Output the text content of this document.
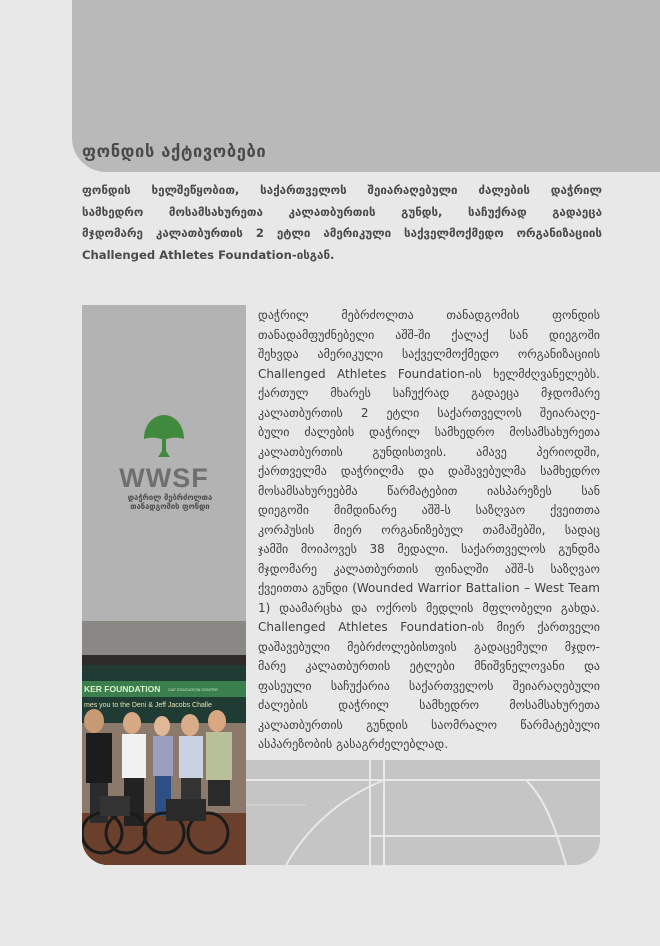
ფონდის აქტივობები

ფონდის ხელშეწყობით, საქართველოს შეიარაღებული ძალების დაჭრილ
სამხედრო მოსამსახურეთა კალათბურთის გუნდს, საჩუქრად გადაეცა
მჯდომარე კალათბურთის 2 ეტლი ამერიკული საქველმოქმედო ორგანიზაციის
Challenged Athletes Foundation-ისგან.

WWSF
დაჭრილ მებრძოლთა
თანადგომის ფონდი
KER FOUNDATION CAF EDUCATION CENTER
mes you to the Deni & Jeff Jacobs Challe
დაჭრილ მებრძოლთა თანადგომის ფონდის
თანადამფუძნებელი აშშ-ში ქალაქ სან დიეგოში
შეხვდა ამერიკული საქველმოქმედო ორგანიზაციის
Challenged Athletes Foundation-ის ხელმძღვანელებს.
ქართულ მხარეს საჩუქრად გადაეცა მჯდომარე
კალათბურთის 2 ეტლი საქართველოს შეიარაღე-
ბული ძალების დაჭრილ სამხედრო მოსამსახურეთა
კალათბურთის გუნდისთვის. ამავე პერიოდში,
ქართველმა დაჭრილმა და დაშავებულმა სამხედრო
მოსამსახურეებმა წარმატებით იასპარეზეს სან
დიეგოში მიმდინარე აშშ-ს საზღვაო ქვეითთა
კორპუსის მიერ ორგანიზებულ თამაშებში, სადაც
ჯამში მოიპოვეს 38 მედალი. საქართველოს გუნდმა
მჯდომარე კალათბურთის ფინალში აშშ-ს საზღვაო
ქვეითთა გუნდი (Wounded Warrior Battalion – West Team
1) დაამარცხა და ოქროს მედლის მფლობელი გახდა.
Challenged Athletes Foundation-ის მიერ ქართველი
დაშავებული მებრძოლებისთვის გადაცემული მჯდო-
მარე კალათბურთის ეტლები მნიშვნელოვანი და
ფასეული საჩუქარია საქართველოს შეიარაღებული
ძალების დაჭრილ სამხედრო მოსამსახურეთა
კალათბურთის გუნდის საომრალო წარმატებული
ასპარეზობის გასაგრძელებლად.
